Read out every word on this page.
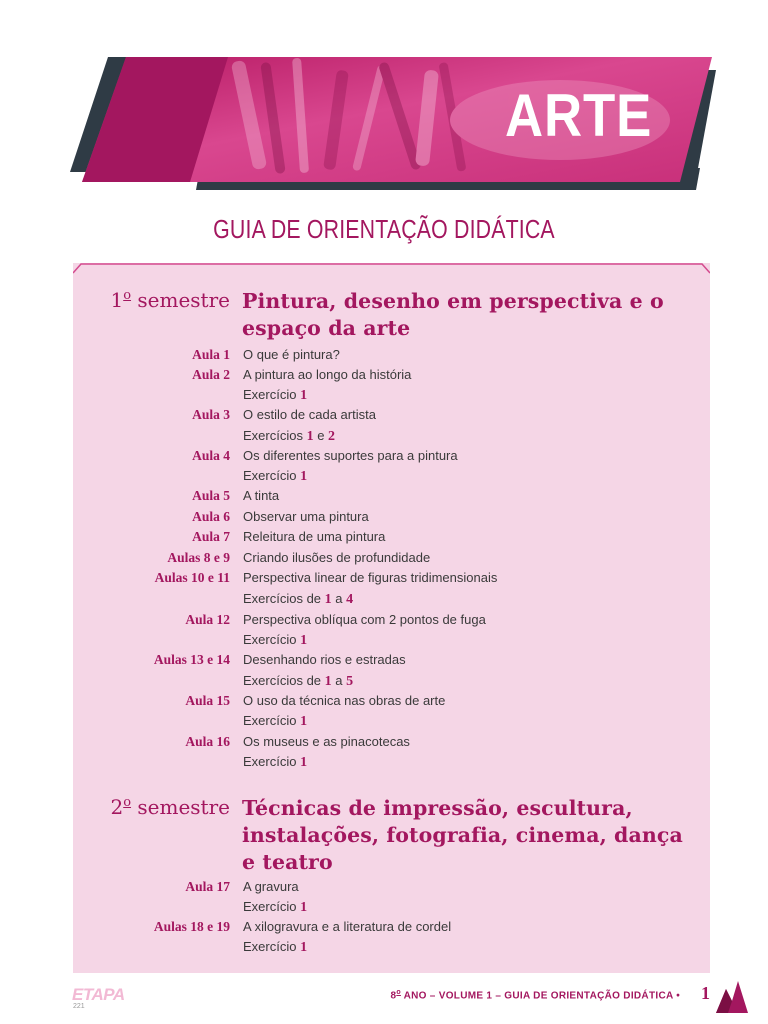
ARTE
GUIA DE ORIENTAÇÃO DIDÁTICA
1$^o$ semestre Pintura, desenho em perspectiva e o espaço da arte
Aula 1 O que é pintura?
Aula 2 A pintura ao longo da história
Exercício 1
Aula 3 O estilo de cada artista
Exercícios 1 e 2
Aula 4 Os diferentes suportes para a pintura
Exercício 1
Aula 5 A tinta
Aula 6 Observar uma pintura
Aula 7 Releitura de uma pintura
Aulas 8 e 9 Criando ilusões de profundidade
Aulas 10 e 11 Perspectiva linear de figuras tridimensionais
Exercícios de 1 a 4
Aula 12 Perspectiva oblíqua com 2 pontos de fuga
Exercício 1
Aulas 13 e 14 Desenhando rios e estradas
Exercícios de 1 a 5
Aula 15 O uso da técnica nas obras de arte
Exercício 1
Aula 16 Os museus e as pinacotecas
Exercício 1
2$^o$ semestre Técnicas de impressão, escultura, instalações, fotografia, cinema, dança e teatro
Aula 17 A gravura
Exercício 1
Aulas 18 e 19 A xilogravura e a literatura de cordel
Exercício 1
ETAPA
221
8$^o$ ANO – VOLUME 1 – GUIA DE ORIENTAÇÃO DIDÁTICA • 1
